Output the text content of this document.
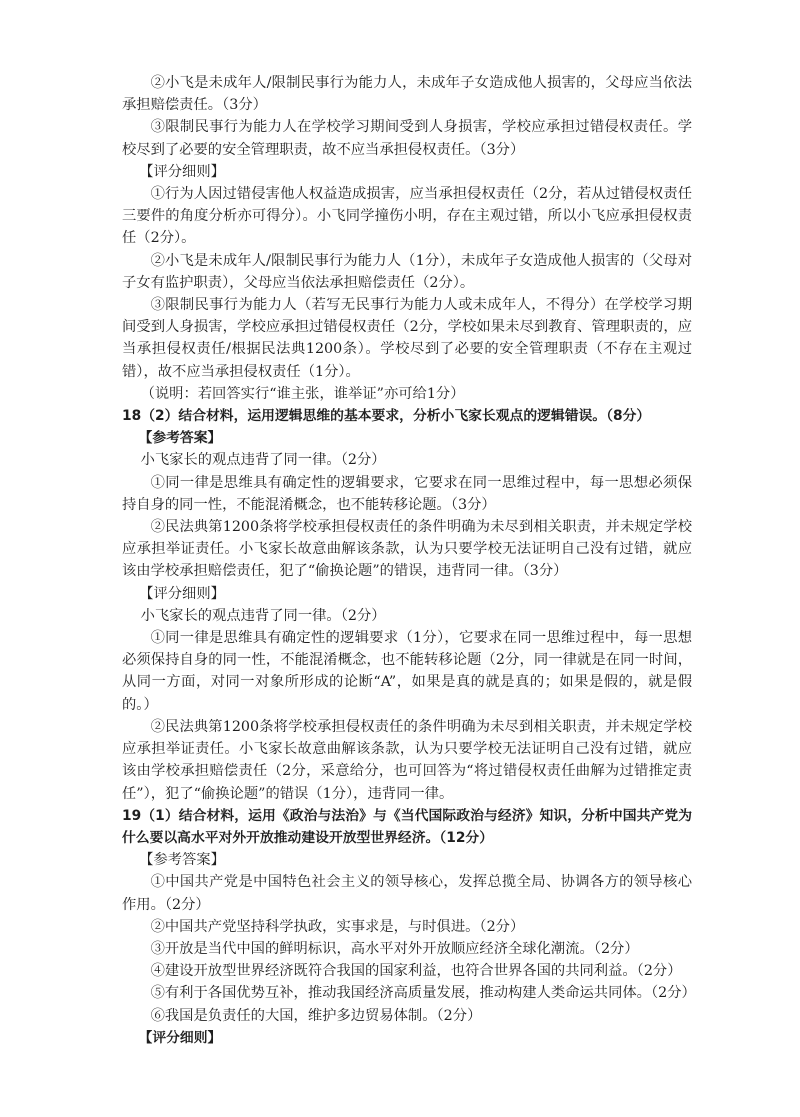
②小飞是未成年人/限制民事行为能力人，未成年子女造成他人损害的，父母应当依法承担赔偿责任。（3分）

③限制民事行为能力人在学校学习期间受到人身损害，学校应承担过错侵权责任。学校尽到了必要的安全管理职责，故不应当承担侵权责任。（3分）

【评分细则】

①行为人因过错侵害他人权益造成损害，应当承担侵权责任（2分，若从过错侵权责任三要件的角度分析亦可得分）。小飞同学撞伤小明，存在主观过错，所以小飞应承担侵权责任（2分）。

②小飞是未成年人/限制民事行为能力人（1分），未成年子女造成他人损害的（父母对子女有监护职责），父母应当依法承担赔偿责任（2分）。

③限制民事行为能力人（若写无民事行为能力人或未成年人，不得分）在学校学习期间受到人身损害，学校应承担过错侵权责任（2分，学校如果未尽到教育、管理职责的，应当承担侵权责任/根据民法典1200条）。学校尽到了必要的安全管理职责（不存在主观过错），故不应当承担侵权责任（1分）。

（说明：若回答实行“谁主张，谁举证”亦可给1分）

18（2）结合材料，运用逻辑思维的基本要求，分析小飞家长观点的逻辑错误。（8分）

【参考答案】

小飞家长的观点违背了同一律。（2分）

①同一律是思维具有确定性的逻辑要求，它要求在同一思维过程中，每一思想必须保持自身的同一性，不能混淆概念，也不能转移论题。（3分）

②民法典第1200条将学校承担侵权责任的条件明确为未尽到相关职责，并未规定学校应承担举证责任。小飞家长故意曲解该条款，认为只要学校无法证明自己没有过错，就应该由学校承担赔偿责任，犯了“偷换论题”的错误，违背同一律。（3分）

【评分细则】

小飞家长的观点违背了同一律。（2分）

①同一律是思维具有确定性的逻辑要求（1分），它要求在同一思维过程中，每一思想必须保持自身的同一性，不能混淆概念，也不能转移论题（2分，同一律就是在同一时间，从同一方面，对同一对象所形成的论断“A”，如果是真的就是真的；如果是假的，就是假的。）

②民法典第1200条将学校承担侵权责任的条件明确为未尽到相关职责，并未规定学校应承担举证责任。小飞家长故意曲解该条款，认为只要学校无法证明自己没有过错，就应该由学校承担赔偿责任（2分，采意给分，也可回答为“将过错侵权责任曲解为过错推定责任”），犯了“偷换论题”的错误（1分），违背同一律。

19（1）结合材料，运用《政治与法治》与《当代国际政治与经济》知识，分析中国共产党为什么要以高水平对外开放推动建设开放型世界经济。（12分）

【参考答案】

①中国共产党是中国特色社会主义的领导核心，发挥总揽全局、协调各方的领导核心作用。（2分）

②中国共产党坚持科学执政，实事求是，与时俱进。（2分）

③开放是当代中国的鲜明标识，高水平对外开放顺应经济全球化潮流。（2分）

④建设开放型世界经济既符合我国的国家利益，也符合世界各国的共同利益。（2分）

⑤有利于各国优势互补，推动我国经济高质量发展，推动构建人类命运共同体。（2分）

⑥我国是负责任的大国，维护多边贸易体制。（2分）

【评分细则】
